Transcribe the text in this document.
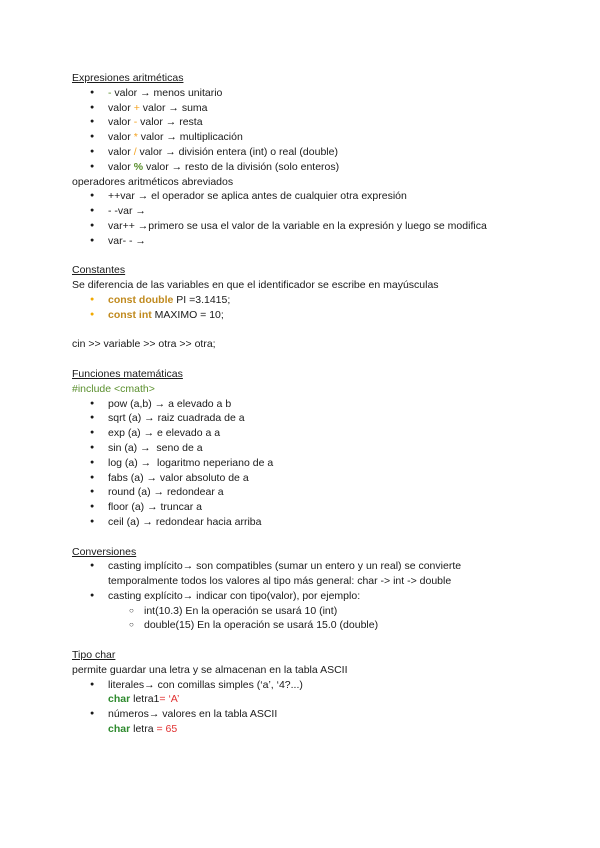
Expresiones aritméticas
● - valor → menos unitario
● valor + valor → suma
● valor - valor → resta
● valor * valor → multiplicación
● valor / valor → división entera (int) o real (double)
● valor % valor → resto de la división (solo enteros)
operadores aritméticos abreviados
● ++var → el operador se aplica antes de cualquier otra expresión
● - -var →
● var++ →primero se usa el valor de la variable en la expresión y luego se modifica
● var- - →
Constantes
Se diferencia de las variables en que el identificador se escribe en mayúsculas
● const double PI =3.1415;
● const int MAXIMO = 10;
cin >> variable >> otra >> otra;
Funciones matemáticas
#include <cmath>
● pow (a,b) → a elevado a b
● sqrt (a) → raiz cuadrada de a
● exp (a) → e elevado a a
● sin (a) →  seno de a
● log (a) →  logaritmo neperiano de a
● fabs (a) → valor absoluto de a
● round (a) → redondear a
● floor (a) → truncar a
● ceil (a) → redondear hacia arriba
Conversiones
● casting implícito→ son compatibles (sumar un entero y un real) se convierte temporalmente todos los valores al tipo más general: char -> int -> double
● casting explícito→ indicar con tipo(valor), por ejemplo:
○ int(10.3) En la operación se usará 10 (int)
○ double(15) En la operación se usará 15.0 (double)
Tipo char
permite guardar una letra y se almacenan en la tabla ASCII
● literales→ con comillas simples (‘a’, ‘4?...)
char letra1= ‘A’
● números→ valores en la tabla ASCII
char letra = 65
